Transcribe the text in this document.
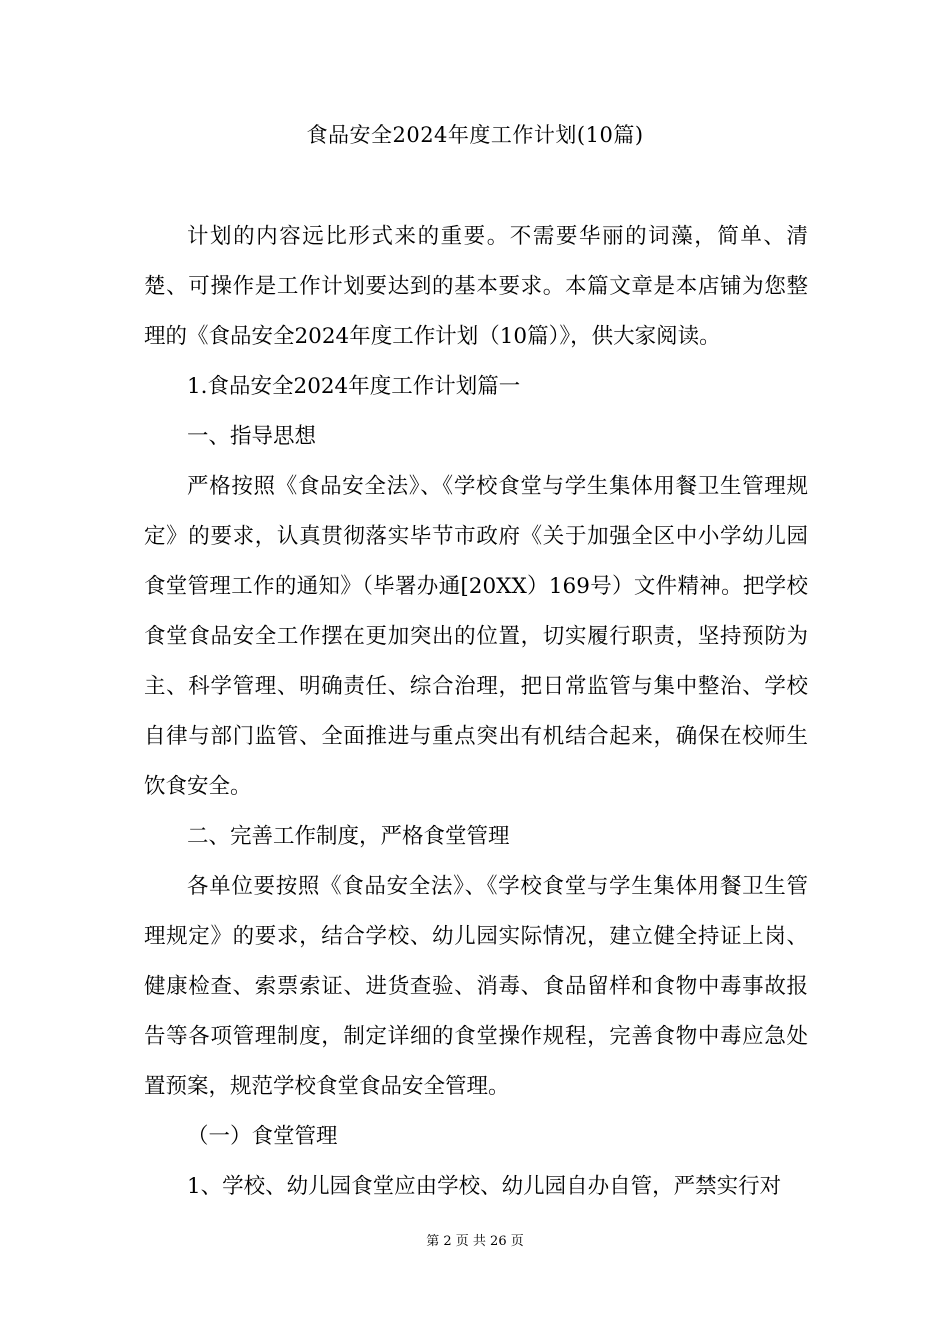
食品安全2024年度工作计划(10篇)

计划的内容远比形式来的重要。不需要华丽的词藻，简单、清楚、可操作是工作计划要达到的基本要求。本篇文章是本店铺为您整理的《食品安全2024年度工作计划（10篇）》，供大家阅读。

1.食品安全2024年度工作计划篇一

一、指导思想

严格按照《食品安全法》、《学校食堂与学生集体用餐卫生管理规定》的要求，认真贯彻落实毕节市政府《关于加强全区中小学幼儿园食堂管理工作的通知》（毕署办通[20XX）169号）文件精神。把学校食堂食品安全工作摆在更加突出的位置，切实履行职责，坚持预防为主、科学管理、明确责任、综合治理，把日常监管与集中整治、学校自律与部门监管、全面推进与重点突出有机结合起来，确保在校师生饮食安全。

二、完善工作制度，严格食堂管理

各单位要按照《食品安全法》、《学校食堂与学生集体用餐卫生管理规定》的要求，结合学校、幼儿园实际情况，建立健全持证上岗、健康检查、索票索证、进货查验、消毒、食品留样和食物中毒事故报告等各项管理制度，制定详细的食堂操作规程，完善食物中毒应急处置预案，规范学校食堂食品安全管理。

（一）食堂管理

1、学校、幼儿园食堂应由学校、幼儿园自办自管，严禁实行对

第 2 页 共 26 页
